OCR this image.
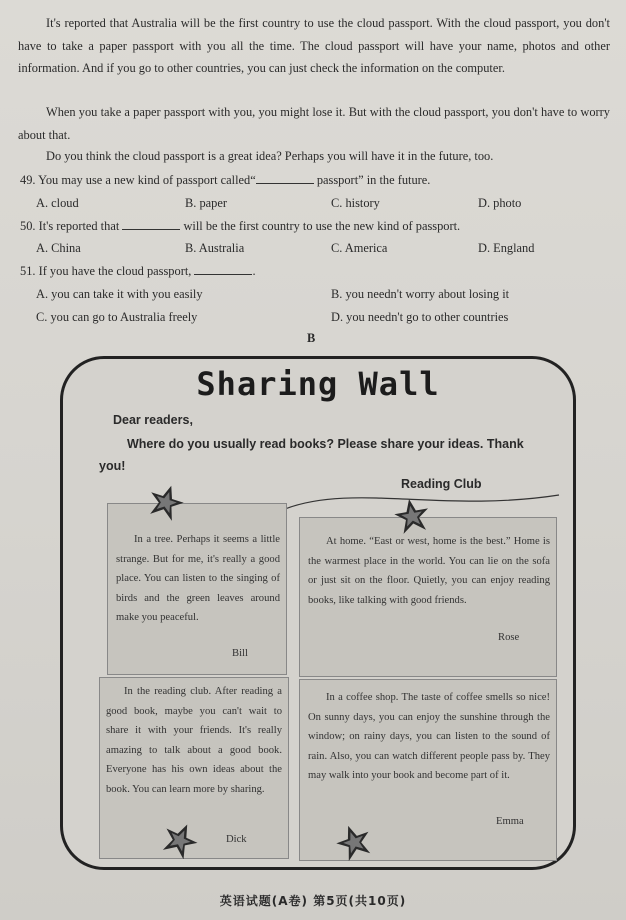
It's reported that Australia will be the first country to use the cloud passport. With the cloud passport, you don't have to take a paper passport with you all the time. The cloud passport will have your name, photos and other information. And if you go to other countries, you can just check the information on the computer.
When you take a paper passport with you, you might lose it. But with the cloud passport, you don't have to worry about that.
Do you think the cloud passport is a great idea? Perhaps you will have it in the future, too.
49. You may use a new kind of passport called“	passport” in the future.
A. cloud	B. paper	C. history	D. photo
50. It's reported that	will be the first country to use the new kind of passport.
A. China	B. Australia	C. America	D. England
51. If you have the cloud passport,	.
A. you can take it with you easily	B. you needn't worry about losing it
C. you can go to Australia freely	D. you needn't go to other countries
B
Sharing Wall
Dear readers,
Where do you usually read books? Please share your ideas. Thank you!
Reading Club
In a tree. Perhaps it seems a little strange. But for me, it's really a good place. You can listen to the singing of birds and the green leaves around make you peaceful.
Bill
At home. “East or west, home is the best.” Home is the warmest place in the world. You can lie on the sofa or just sit on the floor. Quietly, you can enjoy reading books, like talking with good friends.
Rose
In the reading club. After reading a good book, maybe you can't wait to share it with your friends. It's really amazing to talk about a good book. Everyone has his own ideas about the book. You can learn more by sharing.
Dick
In a coffee shop. The taste of coffee smells so nice! On sunny days, you can enjoy the sunshine through the window; on rainy days, you can listen to the sound of rain. Also, you can watch different people pass by. They may walk into your book and become part of it.
Emma
英语试题(A卷) 第5页(共10页)
